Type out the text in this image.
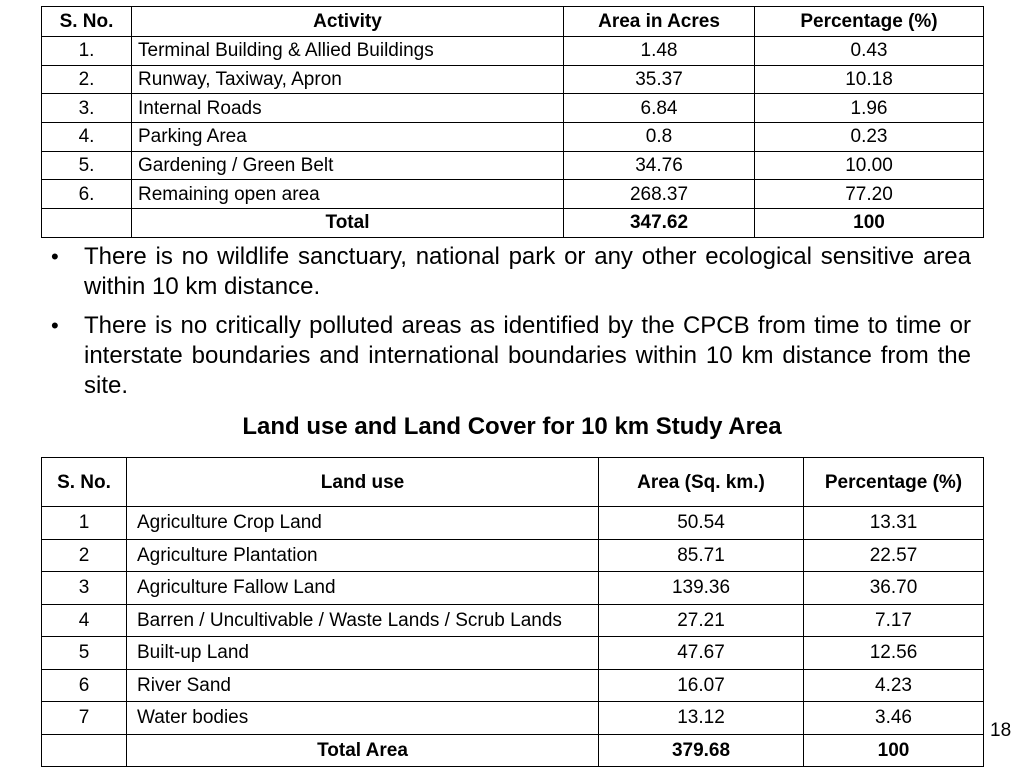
S. No.	Activity	Area in Acres	Percentage (%)
1.	Terminal Building & Allied Buildings	1.48	0.43
2.	Runway, Taxiway, Apron	35.37	10.18
3.	Internal Roads	6.84	1.96
4.	Parking Area	0.8	0.23
5.	Gardening / Green Belt	34.76	10.00
6.	Remaining open area	268.37	77.20
	Total	347.62	100
• There is no wildlife sanctuary, national park or any other ecological sensitive area within 10 km distance.
• There is no critically polluted areas as identified by the CPCB from time to time or interstate boundaries and international boundaries within 10 km distance from the site.
Land use and Land Cover for 10 km Study Area
S. No.	Land use	Area (Sq. km.)	Percentage (%)
1	Agriculture Crop Land	50.54	13.31
2	Agriculture Plantation	85.71	22.57
3	Agriculture Fallow Land	139.36	36.70
4	Barren / Uncultivable / Waste Lands / Scrub Lands	27.21	7.17
5	Built-up Land	47.67	12.56
6	River Sand	16.07	4.23
7	Water bodies	13.12	3.46
	Total Area	379.68	100
18
